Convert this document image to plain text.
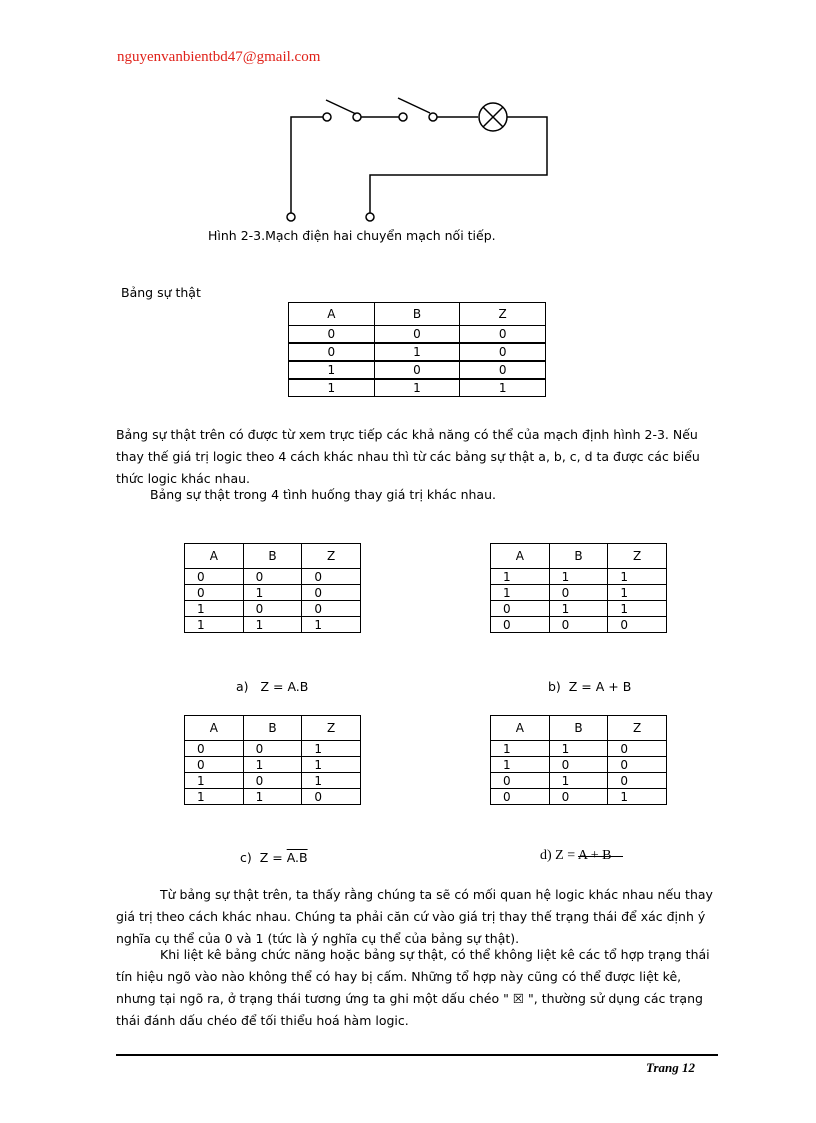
nguyenvanbientbd47@gmail.com
Hình 2-3.Mạch điện hai chuyển mạch nối tiếp.
Bảng sự thật
A	B	Z
0	0	0
0	1	0
1	0	0
1	1	1
Bảng sự thật trên có được từ xem trực tiếp các khả năng có thể của mạch định hình 2-3. Nếu thay thế giá trị logic theo 4 cách khác nhau thì từ các bảng sự thật a, b, c, d ta được các biểu thức logic khác nhau.
Bảng sự thật trong 4 tình huống thay giá trị khác nhau.
A	B	Z
0	0	0
0	1	0
1	0	0
1	1	1
a) Z = A.B
A	B	Z
1	1	1
1	0	1
0	1	1
0	0	0
b) Z = A + B
A	B	Z
0	0	1
0	1	1
1	0	1
1	1	0
c) Z = A.B
A	B	Z
1	1	0
1	0	0
0	1	0
0	0	1
d) Z = A + B
Từ bảng sự thật trên, ta thấy rằng chúng ta sẽ có mối quan hệ logic khác nhau nếu thay giá trị theo cách khác nhau. Chúng ta phải căn cứ vào giá trị thay thế trạng thái để xác định ý nghĩa cụ thể của 0 và 1 (tức là ý nghĩa cụ thể của bảng sự thật).
Khi liệt kê bảng chức năng hoặc bảng sự thật, có thể không liệt kê các tổ hợp trạng thái tín hiệu ngõ vào nào không thể có hay bị cấm. Những tổ hợp này cũng có thể được liệt kê, nhưng tại ngõ ra, ở trạng thái tương ứng ta ghi một dấu chéo " ☒ ", thường sử dụng các trạng thái đánh dấu chéo để tối thiểu hoá hàm logic.
Trang 12
